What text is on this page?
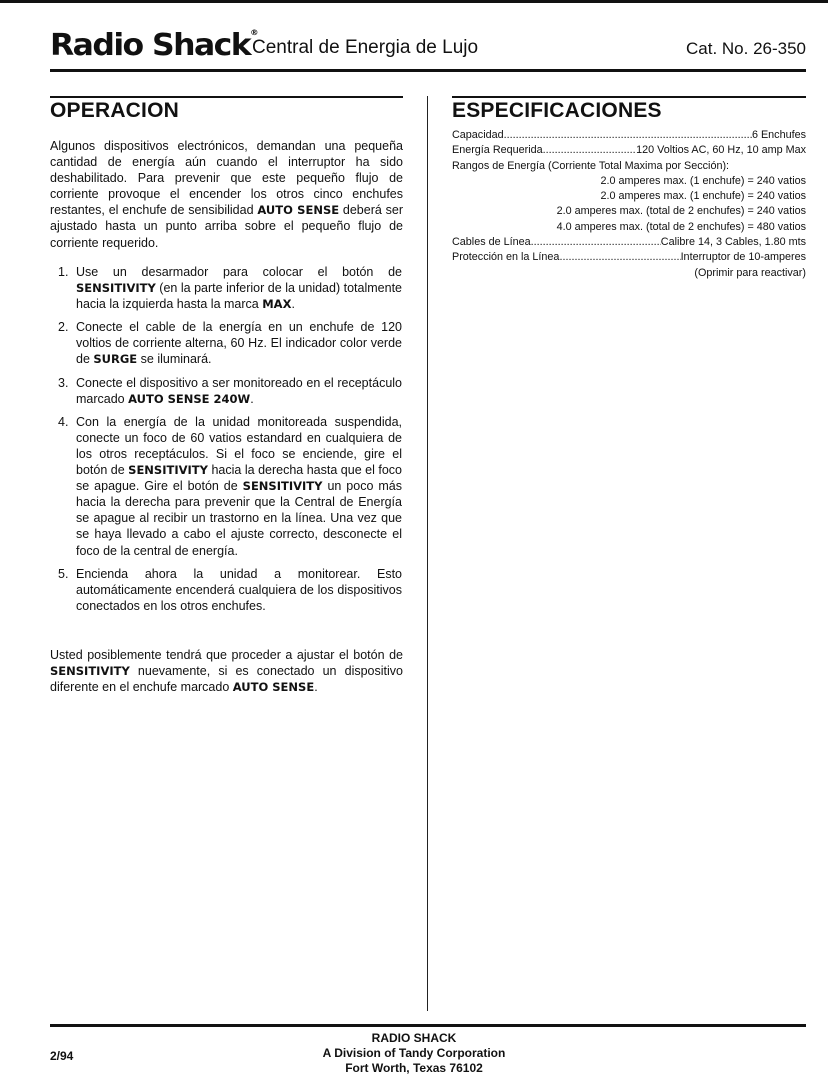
Radio Shack®
Central de Energia de Lujo	Cat. No. 26-350
OPERACION

Algunos dispositivos electrónicos, demandan una pequeña cantidad de energía aún cuando el interruptor ha sido deshabilitado. Para prevenir que este pequeño flujo de corriente provoque el encender los otros cinco enchufes restantes, el enchufe de sensibilidad AUTO SENSE deberá ser ajustado hasta un punto arriba sobre el pequeño flujo de corriente requerido.

1. Use un desarmador para colocar el botón de SENSITIVITY (en la parte inferior de la unidad) totalmente hacia la izquierda hasta la marca MAX.
2. Conecte el cable de la energía en un enchufe de 120 voltios de corriente alterna, 60 Hz. El indicador color verde de SURGE se iluminará.
3. Conecte el dispositivo a ser monitoreado en el receptáculo marcado AUTO SENSE 240W.
4. Con la energía de la unidad monitoreada suspendida, conecte un foco de 60 vatios estandard en cualquiera de los otros receptáculos. Si el foco se enciende, gire el botón de SENSITIVITY hacia la derecha hasta que el foco se apague. Gire el botón de SENSITIVITY un poco más hacia la derecha para prevenir que la Central de Energía se apague al recibir un trastorno en la línea. Una vez que se haya llevado a cabo el ajuste correcto, desconecte el foco de la central de energía.
5. Encienda ahora la unidad a monitorear. Esto automáticamente encenderá cualquiera de los dispositivos conectados en los otros enchufes.

Usted posiblemente tendrá que proceder a ajustar el botón de SENSITIVITY nuevamente, si es conectado un dispositivo diferente en el enchufe marcado AUTO SENSE.

ESPECIFICACIONES
Capacidad .....	6 Enchufes
Energía Requerida .....	120 Voltios AC, 60 Hz, 10 amp Max
Rangos de Energía (Corriente Total Maxima por Sección):
2.0 amperes max. (1 enchufe) = 240 vatios
2.0 amperes max. (1 enchufe) = 240 vatios
2.0 amperes max. (total de 2 enchufes) = 240 vatios
4.0 amperes max. (total de 2 enchufes) = 480 vatios
Cables de Línea .....	Calibre 14, 3 Cables, 1.80 mts
Protección en la Línea .....	Interruptor de 10-amperes
(Oprimir para reactivar)
RADIO SHACK
A Division of Tandy Corporation
Fort Worth, Texas 76102
2/94
